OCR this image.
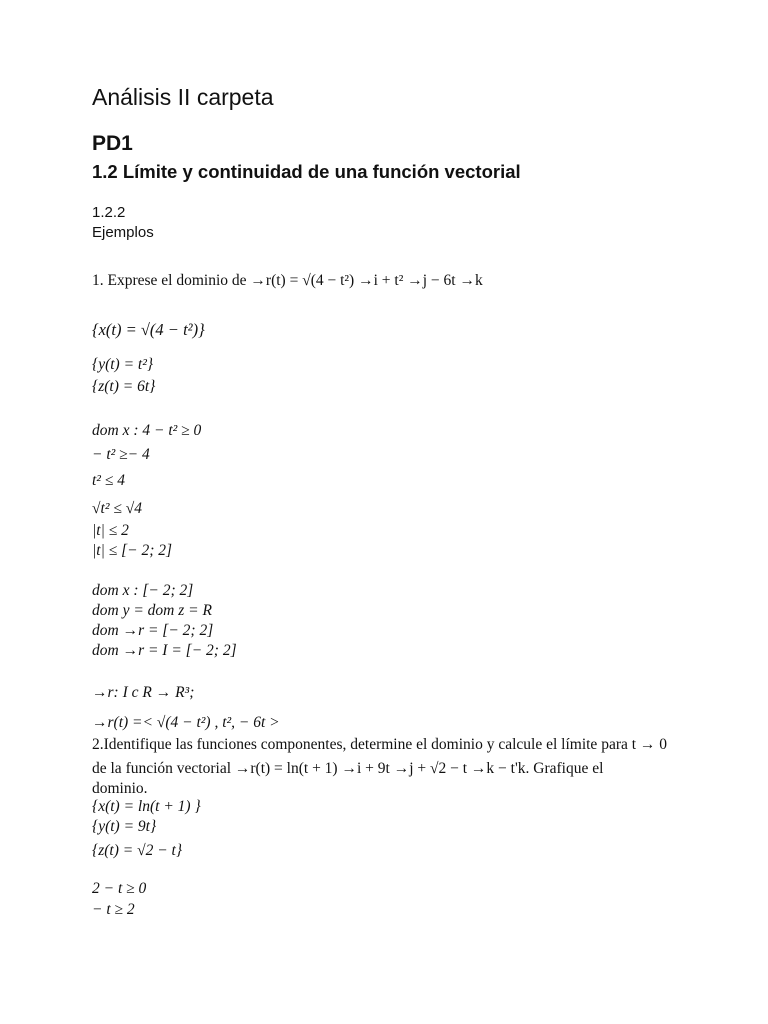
Análisis II carpeta
PD1
1.2 Límite y continuidad de una función vectorial
1.2.2
Ejemplos
1. Exprese el dominio de →r(t) = √(4 − t²) →i + t² →j − 6t →k
{x(t) = √(4 − t²)}
{y(t) = t²}
{z(t) = 6t}
dom x : 4 − t² ≥ 0
− t² ≥− 4
t² ≤ 4
√t² ≤ √4
|t| ≤ 2
|t| ≤ [− 2; 2]
dom x : [− 2; 2]
dom y = dom z = R
dom →r = [− 2; 2]
dom →r = I = [− 2; 2]
→r: I c R → R³;
→r(t) =< √(4 − t²) , t², − 6t >
2.Identifique las funciones componentes, determine el dominio y calcule el límite para t → 0
de la función vectorial →r(t) = ln(t + 1) →i + 9t →j + √2 − t →k − t'k. Grafique el
dominio.
{x(t) = ln(t + 1) }
{y(t) = 9t}
{z(t) = √2 − t}
2 − t ≥ 0
− t ≥ 2
